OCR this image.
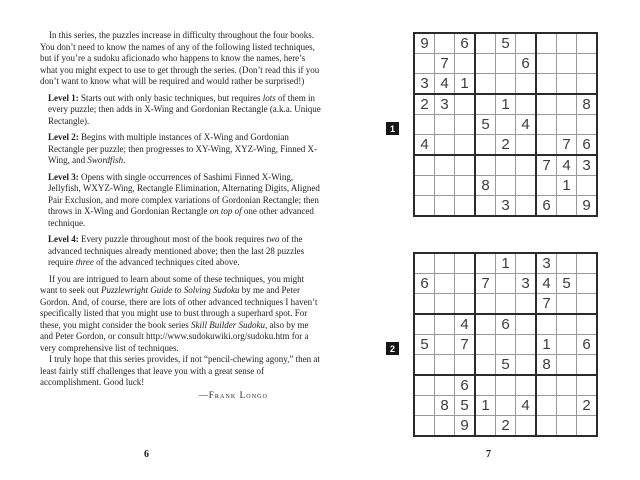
In this series, the puzzles increase in difficulty throughout the four books. You don’t need to know the names of any of the following listed techniques, but if you’re a sudoku aficionado who happens to know the names, here’s what you might expect to use to get through the series. (Don’t read this if you don’t want to know what will be required and would rather be surprised!)

Level 1: Starts out with only basic techniques, but requires lots of them in every puzzle; then adds in X-Wing and Gordonian Rectangle (a.k.a. Unique Rectangle).

Level 2: Begins with multiple instances of X-Wing and Gordonian Rectangle per puzzle; then progresses to XY-Wing, XYZ-Wing, Finned X-Wing, and Swordfish.

Level 3: Opens with single occurrences of Sashimi Finned X-Wing, Jellyfish, WXYZ-Wing, Rectangle Elimination, Alternating Digits, Aligned Pair Exclusion, and more complex variations of Gordonian Rectangle; then throws in X-Wing and Gordonian Rectangle on top of one other advanced technique.

Level 4: Every puzzle throughout most of the book requires two of the advanced techniques already mentioned above; then the last 28 puzzles require three of the advanced techniques cited above.

If you are intrigued to learn about some of these techniques, you might want to seek out Puzzlewright Guide to Solving Sudoku by me and Peter Gordon. And, of course, there are lots of other advanced techniques I haven’t specifically listed that you might use to bust through a superhard spot. For these, you might consider the book series Skill Builder Sudoku, also by me and Peter Gordon, or consult http://www.sudokuwiki.org/sudoku.htm for a very comprehensive list of techniques.

I truly hope that this series provides, if not “pencil-chewing agony,” then at least fairly stiff challenges that leave you with a great sense of accomplishment. Good luck!

—Frank Longo
6
1
9		6		5				
	7				6			
3	4	1						
2	3			1				8
			5		4			
4				2			7	6
						7	4	3
			8				1	
				3		6		9
2
				1		3		
6			7		3	4	5	
						7		
		4		6				
5		7				1		6
				5		8		
		6						
	8	5	1		4			2
		9		2				
7
